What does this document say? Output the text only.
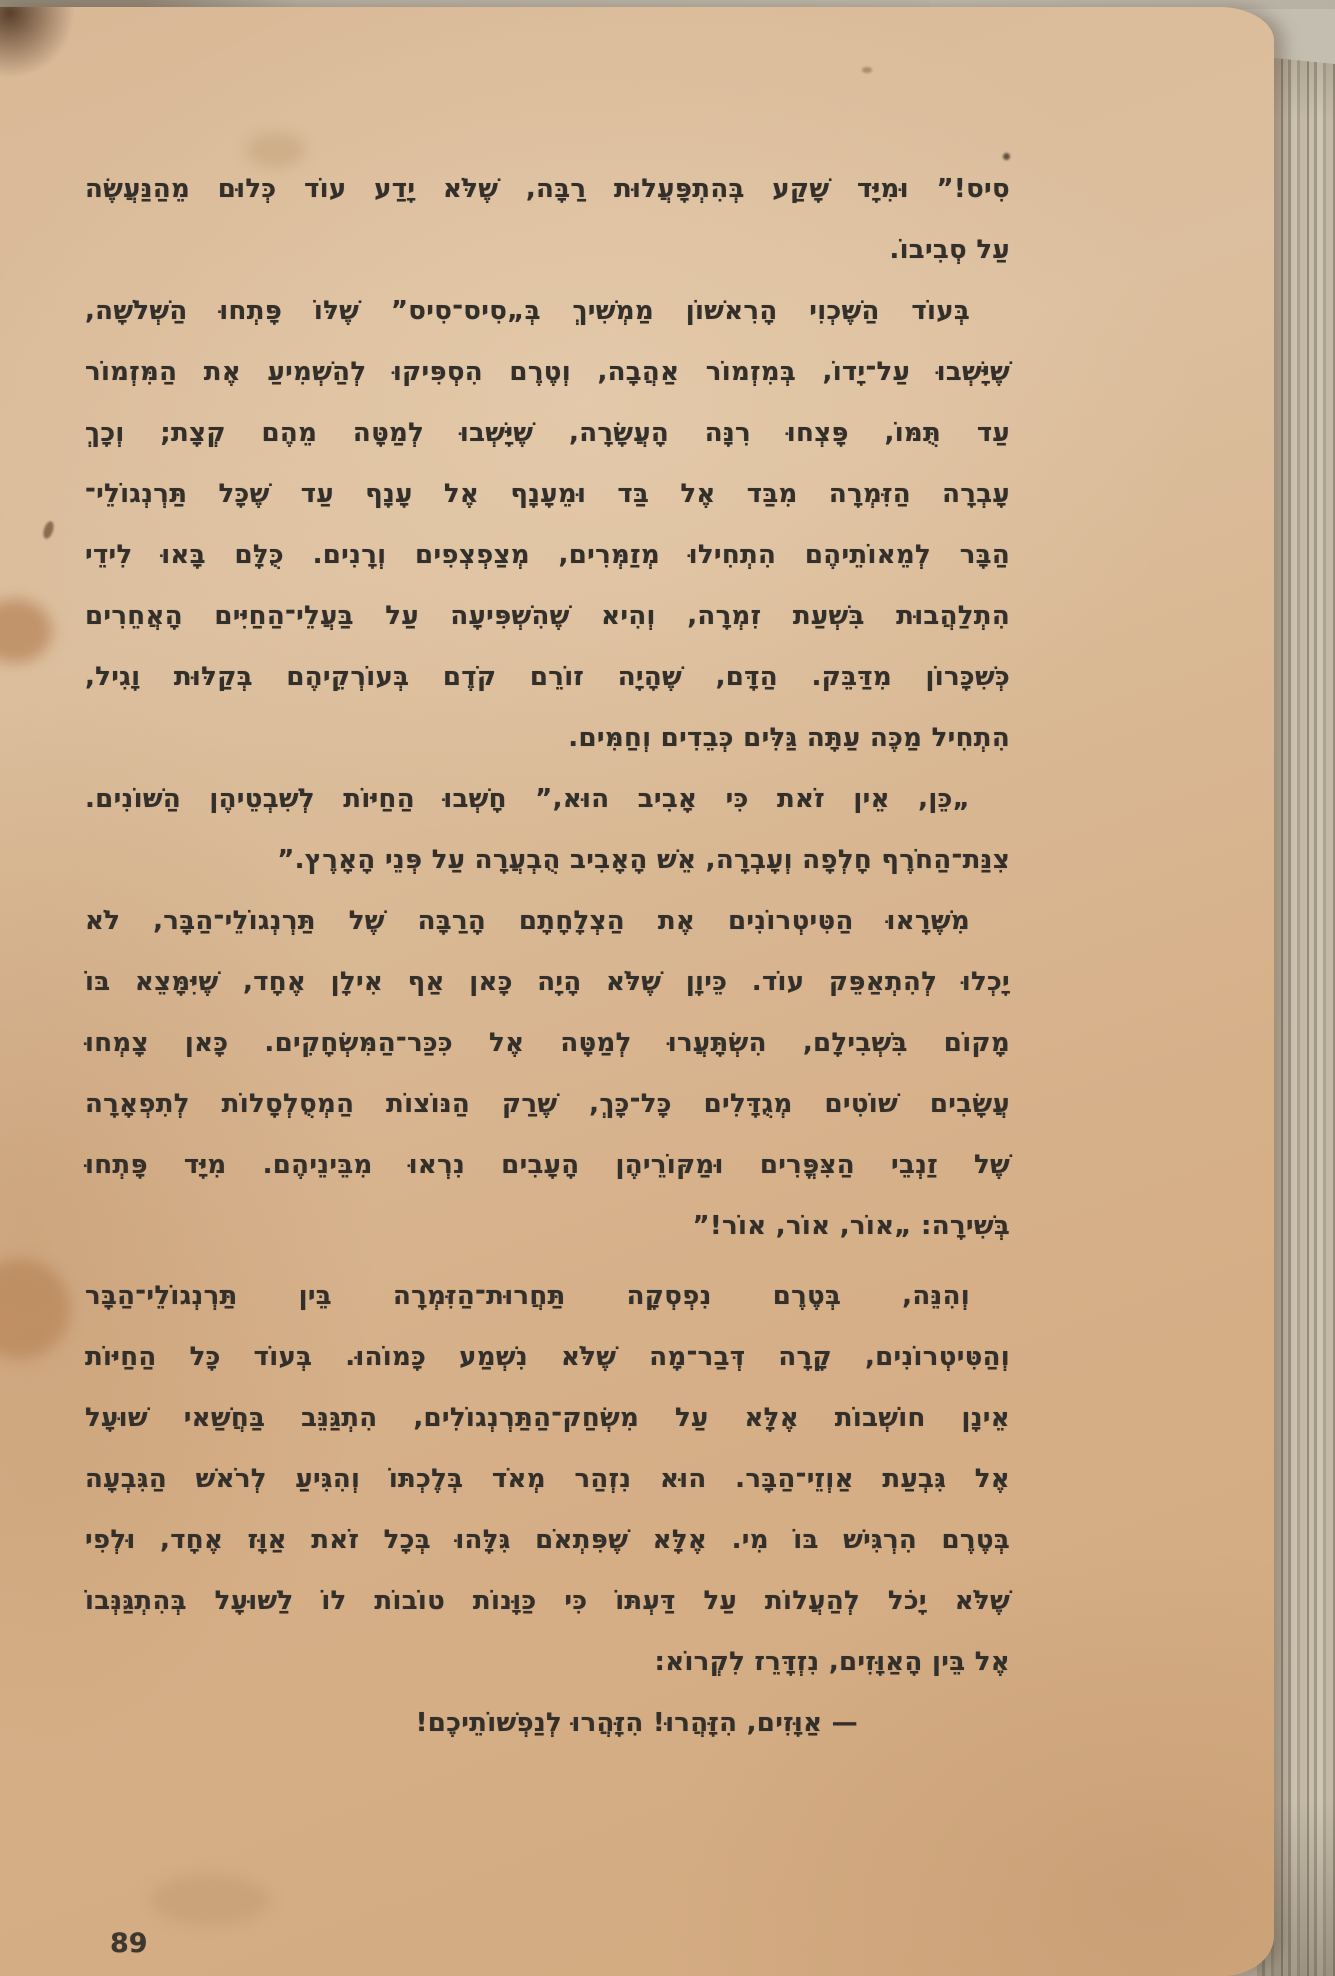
סִיס!” וּמִיָּד שָׁקַע בְּהִתְפָּעֲלוּת רַבָּה, שֶׁלֹּא יָדַע עוֹד כְּלוּם מֵהַנַּעֲשֶׂה
עַל סְבִיבוֹ.
בְּעוֹד הַשֶּׁכְוִי הָרִאשׁוֹן מַמְשִׁיךְ בְּ„סִיס־סִיס” שֶׁלּוֹ פָּתְחוּ הַשְּׁלֹשָׁה,
שֶׁיָּשְׁבוּ עַל־יָדוֹ, בְּמִזְמוֹר אַהֲבָה, וְטֶרֶם הִסְפִּיקוּ לְהַשְׁמִיעַ אֶת הַמִּזְמוֹר
עַד תֻּמּוֹ, פָּצְחוּ רִנָּה הָעֲשָׂרָה, שֶׁיָּשְׁבוּ לְמַטָּה מֵהֶם קְצָת; וְכָךְ
עָבְרָה הַזִּמְרָה מִבַּד אֶל בַּד וּמֵעָנָף אֶל עָנָף עַד שֶׁכָּל תַּרְנְגוֹלֵי־
הַבָּר לְמֵאוֹתֵיהֶם הִתְחִילוּ מְזַמְּרִים, מְצַפְצְפִים וְרָנִים. כֻּלָּם בָּאוּ לִידֵי
הִתְלַהֲבוּת בִּשְׁעַת זִמְרָה, וְהִיא שֶׁהִשְׁפִּיעָה עַל בַּעֲלֵי־הַחַיִּים הָאֲחֵרִים
כְּשִׁכָּרוֹן מִדַּבֵּק. הַדָּם, שֶׁהָיָה זוֹרֵם קֹדֶם בְּעוֹרְקֵיהֶם בְּקַלּוּת וָגִיל,
הִתְחִיל מַכֶּה עַתָּה גַּלִּים כְּבֵדִים וְחַמִּים.
„כֵּן, אֵין זֹאת כִּי אָבִיב הוּא,” חָשְׁבוּ הַחַיּוֹת לְשִׁבְטֵיהֶן הַשּׁוֹנִים.
צִנַּת־הַחֹרֶף חָלְפָה וְעָבְרָה, אֵשׁ הָאָבִיב הֻבְעֲרָה עַל פְּנֵי הָאָרֶץ.”
מִשֶּׁרָאוּ הַטִּיטְרוֹנִים אֶת הַצְלָחָתָם הָרַבָּה שֶׁל תַּרְנְגוֹלֵי־הַבָּר, לֹא
יָכְלוּ לְהִתְאַפֵּק עוֹד. כֵּיוָן שֶׁלֹּא הָיָה כָּאן אַף אִילָן אֶחָד, שֶׁיִּמָּצֵא בּוֹ
מָקוֹם בִּשְׁבִילָם, הִשְׂתָּעֲרוּ לְמַטָּה אֶל כִּכַּר־הַמִּשְׂחָקִים. כָּאן צָמְחוּ
עֲשָׂבִים שׁוֹטִים מְגֻדָּלִים כָּל־כָּךְ, שֶׁרַק הַנּוֹצוֹת הַמְסֻלְסָלוֹת לְתִפְאָרָה
שֶׁל זַנְבֵי הַצִּפֳּרִים וּמַקּוֹרֵיהֶן הָעָבִים נִרְאוּ מִבֵּינֵיהֶם. מִיָּד פָּתְחוּ
בְּשִׁירָה: „אוֹר, אוֹר, אוֹר!”
וְהִנֵּה, בְּטֶרֶם נִפְסְקָה תַּחֲרוּת־הַזִּמְרָה בֵּין תַּרְנְגוֹלֵי־הַבָּר
וְהַטִּיטְרוֹנִים, קָרָה דְּבַר־מָה שֶׁלֹּא נִשְׁמַע כָּמוֹהוּ. בְּעוֹד כָּל הַחַיּוֹת
אֵינָן חוֹשְׁבוֹת אֶלָּא עַל מִשְׂחַק־הַתַּרְנְגוֹלִים, הִתְגַּנֵּב בַּחֲשַׁאי שׁוּעָל
אֶל גִּבְעַת אַוְזֵי־הַבָּר. הוּא נִזְהַר מְאֹד בְּלֶכְתּוֹ וְהִגִּיעַ לְרֹאשׁ הַגִּבְעָה
בְּטֶרֶם הִרְגִּישׁ בּוֹ מִי. אֶלָּא שֶׁפִּתְאֹם גִּלָּהוּ בְּכָל זֹאת אַוָּז אֶחָד, וּלְפִי
שֶׁלֹּא יָכֹל לְהַעֲלוֹת עַל דַּעְתּוֹ כִּי כַּוָּנוֹת טוֹבוֹת לוֹ לַשּׁוּעָל בְּהִתְגַּנְּבוֹ
אֶל בֵּין הָאַוָּזִים, נִזְדָּרֵז לִקְרוֹא:
— אַוָּזִים, הִזָּהֲרוּ! הִזָּהֲרוּ לְנַפְשׁוֹתֵיכֶם!
89
